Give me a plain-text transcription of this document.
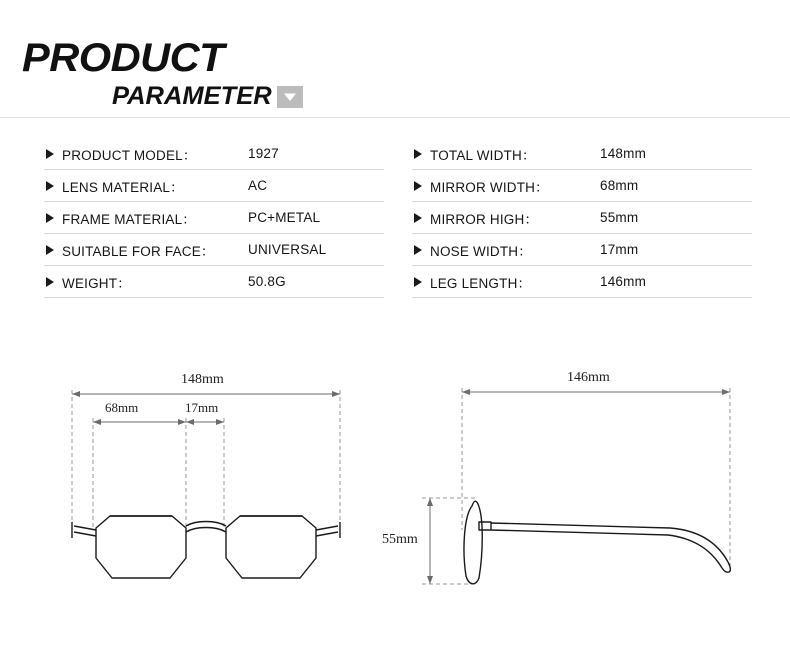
PRODUCT
PARAMETER
PRODUCT MODEL：	1927
LENS MATERIAL：	AC
FRAME MATERIAL：	PC+METAL
SUITABLE FOR FACE：	UNIVERSAL
WEIGHT：	50.8G
TOTAL WIDTH：	148mm
MIRROR WIDTH：	68mm
MIRROR HIGH：	55mm
NOSE WIDTH：	17mm
LEG LENGTH：	146mm
148mm
68mm	17mm
146mm
55mm
